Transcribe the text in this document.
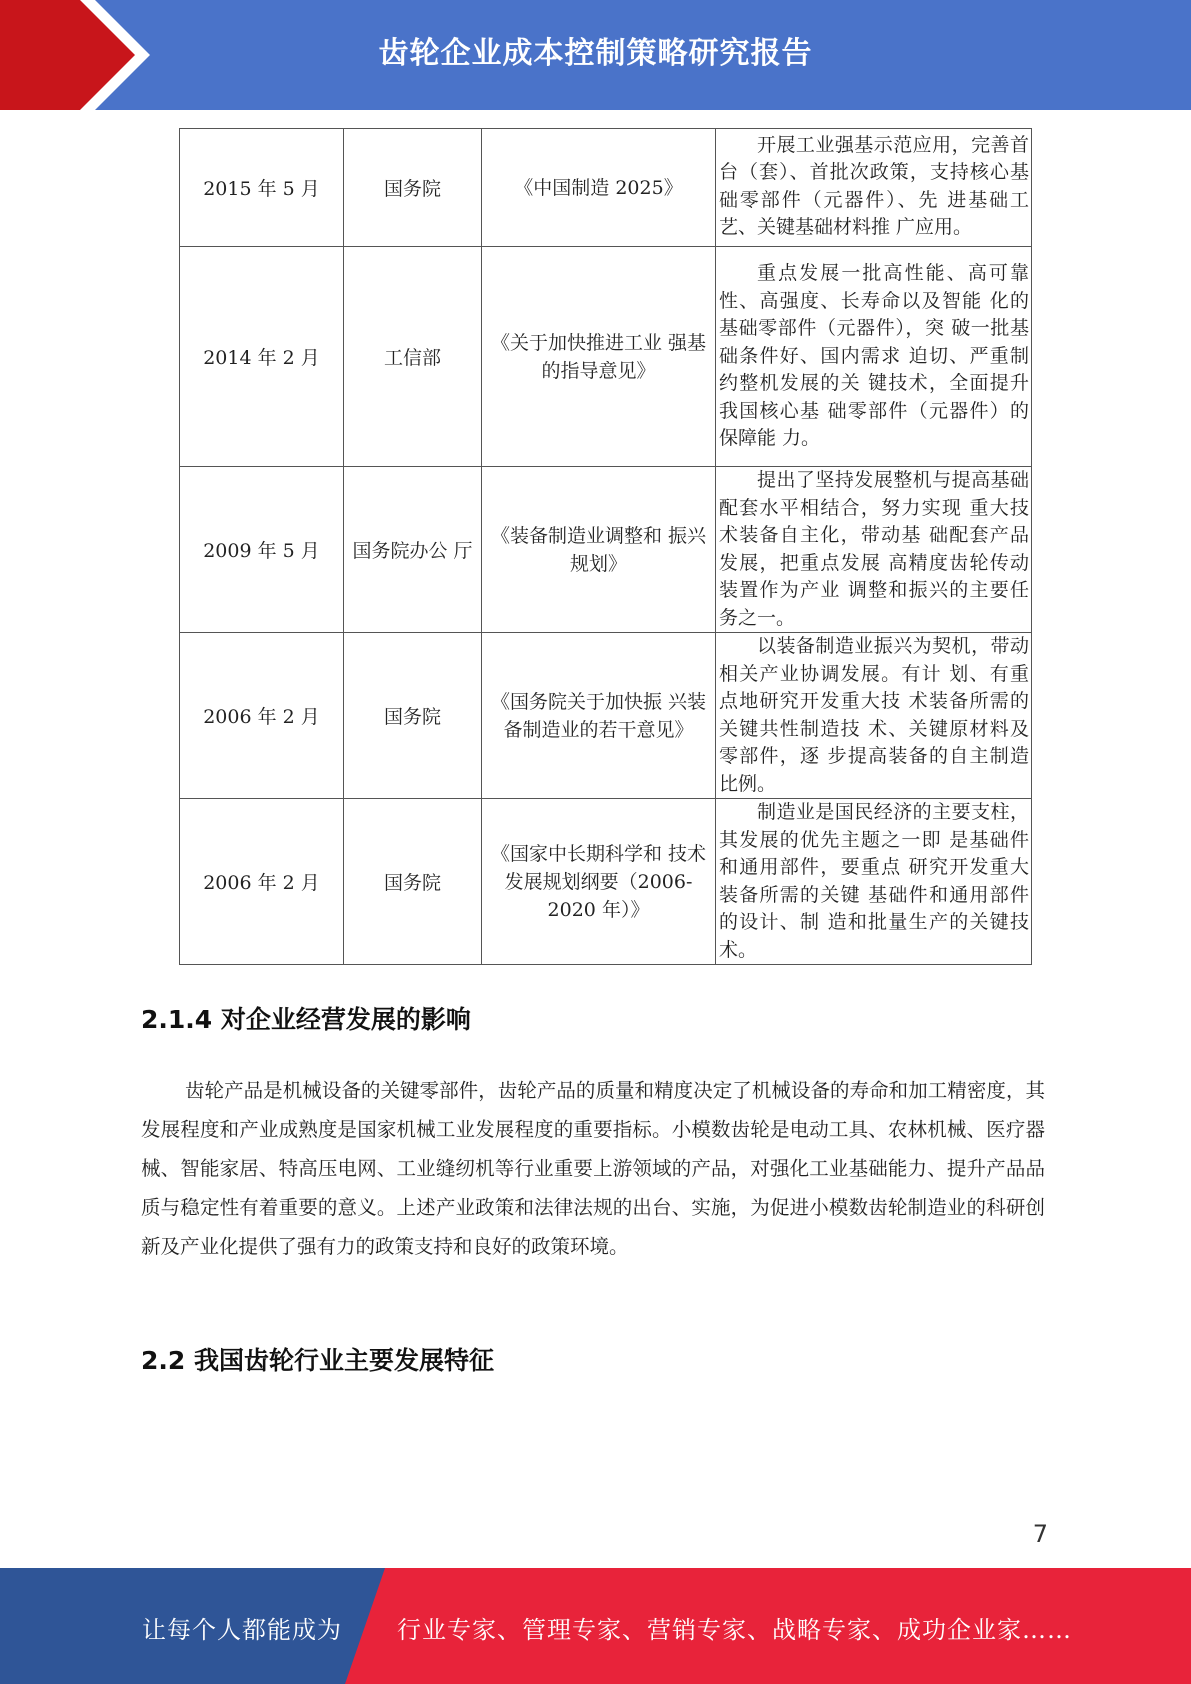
齿轮企业成本控制策略研究报告
2015 年 5 月	国务院	《中国制造 2025》	开展工业强基示范应用，完善首台（套）、首批次政策，支持核心基础零部件（元器件）、先 进基础工艺、关键基础材料推 广应用。

2014 年 2 月	工信部	《关于加快推进工业 强基的指导意见》	重点发展一批高性能、高可靠性、高强度、长寿命以及智能 化的基础零部件（元器件），突 破一批基础条件好、国内需求 迫切、严重制约整机发展的关 键技术，全面提升我国核心基 础零部件（元器件）的保障能 力。

2009 年 5 月	国务院办公 厅	《装备制造业调整和 振兴规划》	提出了坚持发展整机与提高基础配套水平相结合，努力实现 重大技术装备自主化，带动基 础配套产品发展，把重点发展 高精度齿轮传动装置作为产业 调整和振兴的主要任务之一。

2006 年 2 月	国务院	《国务院关于加快振 兴装备制造业的若干意见》	以装备制造业振兴为契机，带动相关产业协调发展。有计 划、有重点地研究开发重大技 术装备所需的关键共性制造技 术、关键原材料及零部件，逐 步提高装备的自主制造比例。

2006 年 2 月	国务院	《国家中长期科学和 技术发展规划纲要（2006-2020 年）》	制造业是国民经济的主要支柱，其发展的优先主题之一即 是基础件和通用部件，要重点 研究开发重大装备所需的关键 基础件和通用部件的设计、制 造和批量生产的关键技术。
2.1.4 对企业经营发展的影响
齿轮产品是机械设备的关键零部件，齿轮产品的质量和精度决定了机械设备的寿命和加工精密度，其发展程度和产业成熟度是国家机械工业发展程度的重要指标。小模数齿轮是电动工具、农林机械、医疗器械、智能家居、特高压电网、工业缝纫机等行业重要上游领域的产品，对强化工业基础能力、提升产品品质与稳定性有着重要的意义。上述产业政策和法律法规的出台、实施，为促进小模数齿轮制造业的科研创新及产业化提供了强有力的政策支持和良好的政策环境。
2.2 我国齿轮行业主要发展特征
7
让每个人都能成为 行业专家、管理专家、营销专家、战略专家、成功企业家……
